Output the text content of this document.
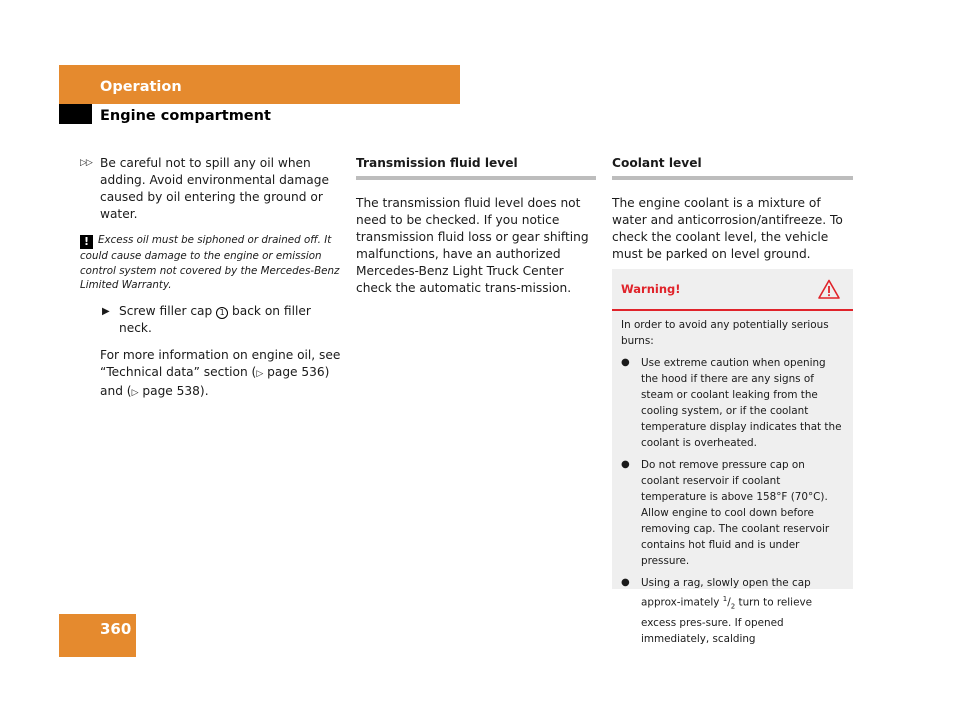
Operation
Engine compartment
▷▷ Be careful not to spill any oil when adding. Avoid environmental damage caused by oil entering the ground or water.
! Excess oil must be siphoned or drained off. It could cause damage to the engine or emission control system not covered by the Mercedes-Benz Limited Warranty.
▶ Screw filler cap 1 back on filler neck.
For more information on engine oil, see “Technical data” section (▷ page 536) and (▷ page 538).
Transmission fluid level
The transmission fluid level does not need to be checked. If you notice transmission fluid loss or gear shifting malfunctions, have an authorized Mercedes-Benz Light Truck Center check the automatic trans-mission.
Coolant level
The engine coolant is a mixture of water and anticorrosion/antifreeze. To check the coolant level, the vehicle must be parked on level ground.
Warning!
In order to avoid any potentially serious burns:
● Use extreme caution when opening the hood if there are any signs of steam or coolant leaking from the cooling system, or if the coolant temperature display indicates that the coolant is overheated.
● Do not remove pressure cap on coolant reservoir if coolant temperature is above 158°F (70°C). Allow engine to cool down before removing cap. The coolant reservoir contains hot fluid and is under pressure.
● Using a rag, slowly open the cap approx-imately $^1/_2$ turn to relieve excess pres-sure. If opened immediately, scalding
360
